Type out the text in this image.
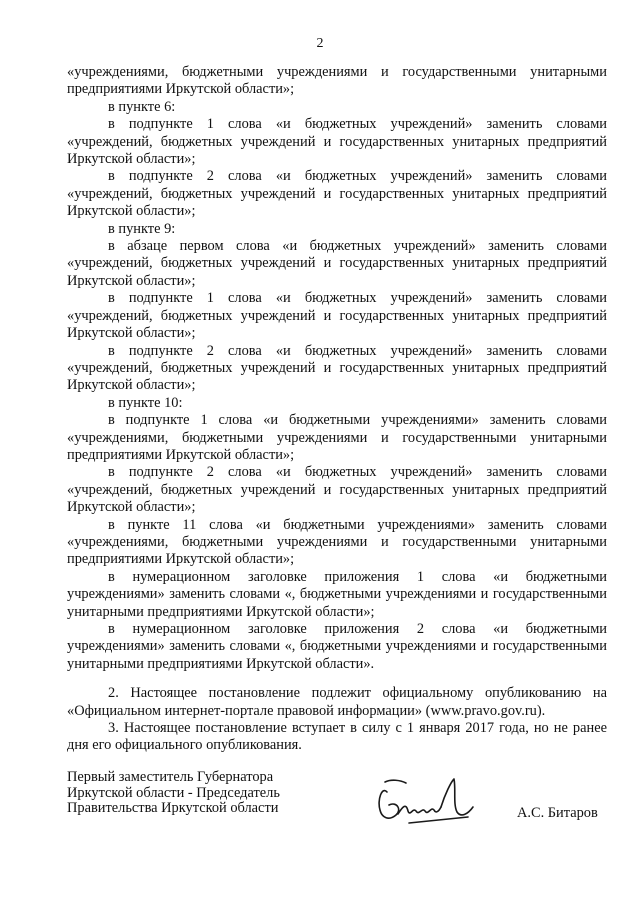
2

«учреждениями, бюджетными учреждениями и государственными унитарными предприятиями Иркутской области»;

в пункте 6:

в подпункте 1 слова «и бюджетных учреждений» заменить словами «учреждений, бюджетных учреждений и государственных унитарных предприятий Иркутской области»;

в подпункте 2 слова «и бюджетных учреждений» заменить словами «учреждений, бюджетных учреждений и государственных унитарных предприятий Иркутской области»;

в пункте 9:

в абзаце первом слова «и бюджетных учреждений» заменить словами «учреждений, бюджетных учреждений и государственных унитарных предприятий Иркутской области»;

в подпункте 1 слова «и бюджетных учреждений» заменить словами «учреждений, бюджетных учреждений и государственных унитарных предприятий Иркутской области»;

в подпункте 2 слова «и бюджетных учреждений» заменить словами «учреждений, бюджетных учреждений и государственных унитарных предприятий Иркутской области»;

в пункте 10:

в подпункте 1 слова «и бюджетными учреждениями» заменить словами «учреждениями, бюджетными учреждениями и государственными унитарными предприятиями Иркутской области»;

в подпункте 2 слова «и бюджетных учреждений» заменить словами «учреждений, бюджетных учреждений и государственных унитарных предприятий Иркутской области»;

в пункте 11 слова «и бюджетными учреждениями» заменить словами «учреждениями, бюджетными учреждениями и государственными унитарными предприятиями Иркутской области»;

в нумерационном заголовке приложения 1 слова «и бюджетными учреждениями» заменить словами «, бюджетными учреждениями и государственными унитарными предприятиями Иркутской области»;

в нумерационном заголовке приложения 2 слова «и бюджетными учреждениями» заменить словами «, бюджетными учреждениями и государственными унитарными предприятиями Иркутской области».

2. Настоящее постановление подлежит официальному опубликованию на «Официальном интернет-портале правовой информации» (www.pravo.gov.ru).

3. Настоящее постановление вступает в силу с 1 января 2017 года, но не ранее дня его официального опубликования.

Первый заместитель Губернатора
Иркутской области - Председатель
Правительства Иркутской области	А.С. Битаров
